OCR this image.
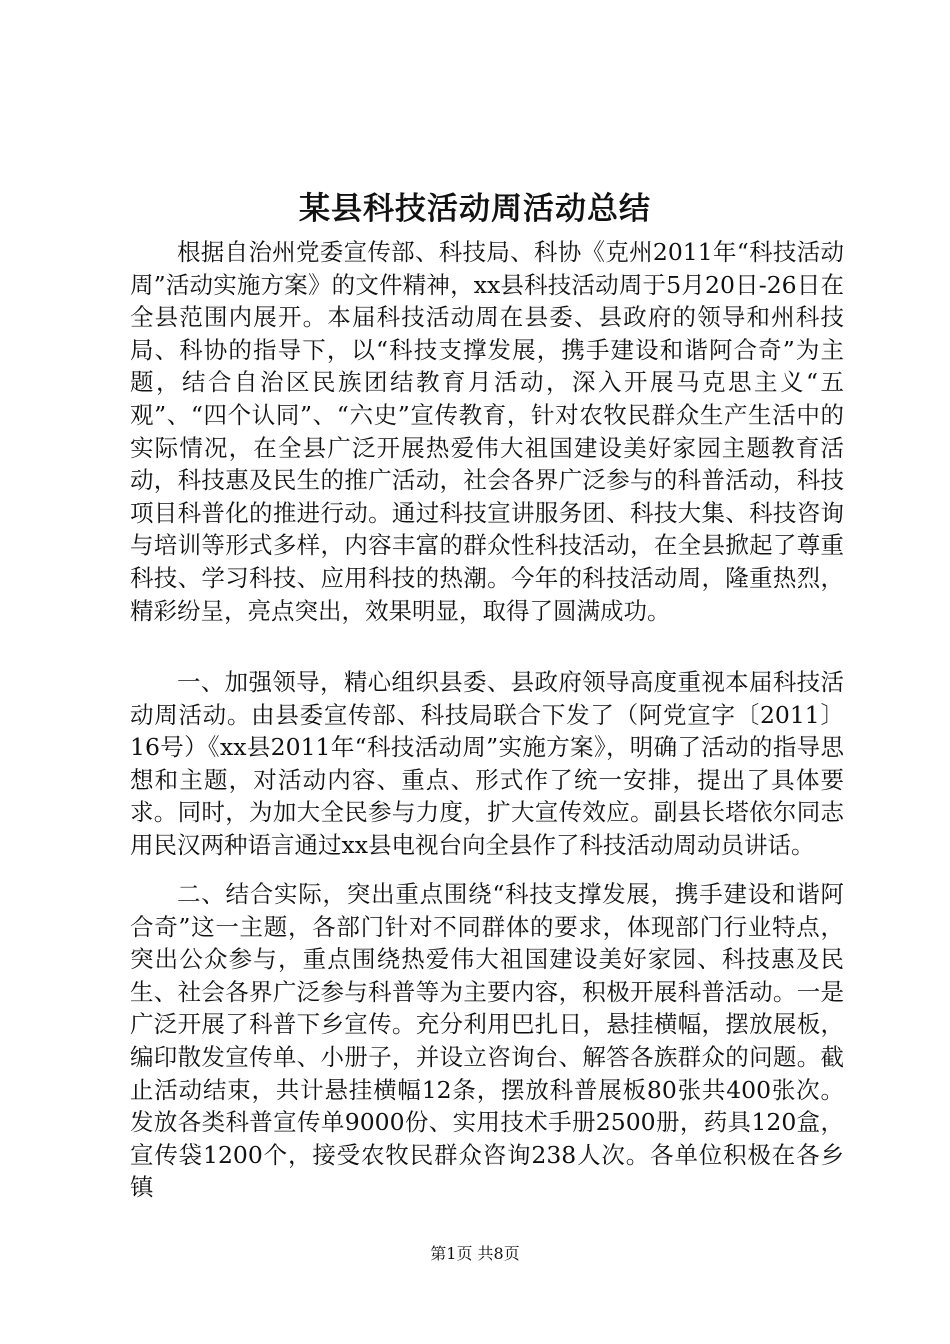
某县科技活动周活动总结

根据自治州党委宣传部、科技局、科协《克州2011年“科技活动周”活动实施方案》的文件精神，xx县科技活动周于5月20日-26日在全县范围内展开。本届科技活动周在县委、县政府的领导和州科技局、科协的指导下，以“科技支撑发展，携手建设和谐阿合奇”为主题，结合自治区民族团结教育月活动，深入开展马克思主义“五观”、“四个认同”、“六史”宣传教育，针对农牧民群众生产生活中的实际情况，在全县广泛开展热爱伟大祖国建设美好家园主题教育活动，科技惠及民生的推广活动，社会各界广泛参与的科普活动，科技项目科普化的推进行动。通过科技宣讲服务团、科技大集、科技咨询与培训等形式多样，内容丰富的群众性科技活动，在全县掀起了尊重科技、学习科技、应用科技的热潮。今年的科技活动周，隆重热烈，精彩纷呈，亮点突出，效果明显，取得了圆满成功。

一、加强领导，精心组织县委、县政府领导高度重视本届科技活动周活动。由县委宣传部、科技局联合下发了（阿党宣字〔2011〕16号）《xx县2011年“科技活动周”实施方案》，明确了活动的指导思想和主题，对活动内容、重点、形式作了统一安排，提出了具体要求。同时，为加大全民参与力度，扩大宣传效应。副县长塔依尔同志用民汉两种语言通过xx县电视台向全县作了科技活动周动员讲话。

二、结合实际，突出重点围绕“科技支撑发展，携手建设和谐阿合奇”这一主题，各部门针对不同群体的要求，体现部门行业特点，突出公众参与，重点围绕热爱伟大祖国建设美好家园、科技惠及民生、社会各界广泛参与科普等为主要内容，积极开展科普活动。一是广泛开展了科普下乡宣传。充分利用巴扎日，悬挂横幅，摆放展板，编印散发宣传单、小册子，并设立咨询台、解答各族群众的问题。截止活动结束，共计悬挂横幅12条，摆放科普展板80张共400张次。发放各类科普宣传单9000份、实用技术手册2500册，药具120盒，宣传袋1200个，接受农牧民群众咨询238人次。各单位积极在各乡镇

第1页 共8页
